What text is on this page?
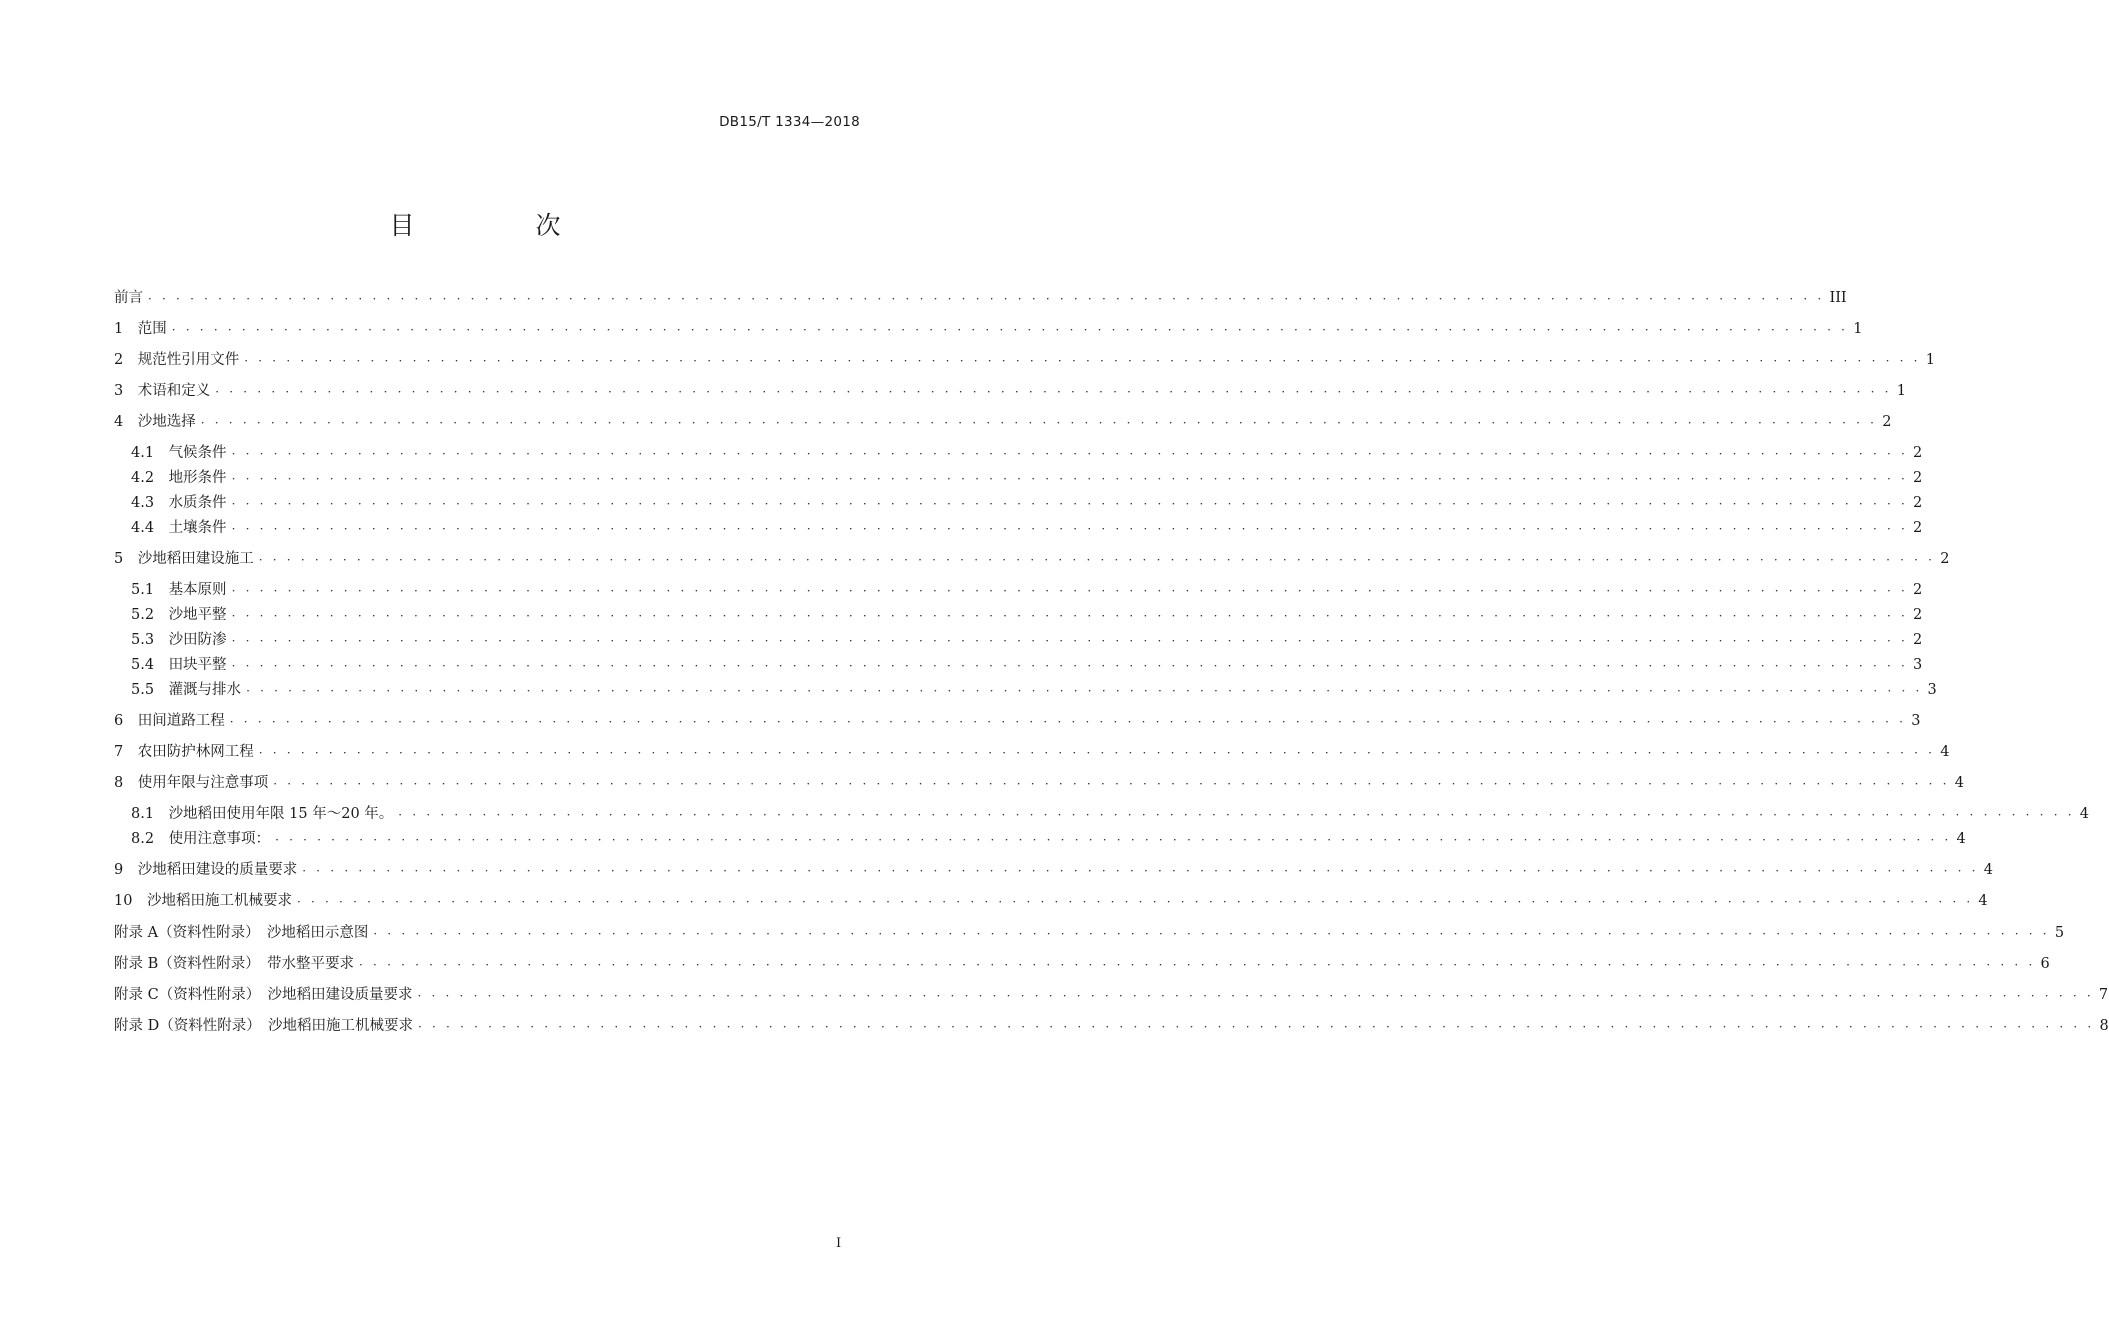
DB15/T 1334—2018
目　次
前言 · · · · · · · · · · · · · · · · · · · · · · · · · · · · · · · · · · · · · · · · · · · · · · · · · · · · · · · · · · · · · · · · · · · · · · · · · · · · · · · · · · · · · · · · · · · · · · · · · · · · · · · · · · · · · · · · · · · · · · · · III
1　 范围 · · · · · · · · · · · · · · · · · · · · · · · · · · · · · · · · · · · · · · · · · · · · · · · · · · · · · · · · · · · · · · · · · · · · · · · · · · · · · · · · · · · · · · · · · · · · · · · · · · · · · · · · · · · · · · · · · · · · · · · · 1
2　 规范性引用文件 · · · · · · · · · · · · · · · · · · · · · · · · · · · · · · · · · · · · · · · · · · · · · · · · · · · · · · · · · · · · · · · · · · · · · · · · · · · · · · · · · · · · · · · · · · · · · · · · · · · · · · · · · · · · · · · · · · · · · · · · 1
3　 术语和定义 · · · · · · · · · · · · · · · · · · · · · · · · · · · · · · · · · · · · · · · · · · · · · · · · · · · · · · · · · · · · · · · · · · · · · · · · · · · · · · · · · · · · · · · · · · · · · · · · · · · · · · · · · · · · · · · · · · · · · · · · 1
4　 沙地选择 · · · · · · · · · · · · · · · · · · · · · · · · · · · · · · · · · · · · · · · · · · · · · · · · · · · · · · · · · · · · · · · · · · · · · · · · · · · · · · · · · · · · · · · · · · · · · · · · · · · · · · · · · · · · · · · · · · · · · · · · 2
4.1　 气候条件 · · · · · · · · · · · · · · · · · · · · · · · · · · · · · · · · · · · · · · · · · · · · · · · · · · · · · · · · · · · · · · · · · · · · · · · · · · · · · · · · · · · · · · · · · · · · · · · · · · · · · · · · · · · · · · · · · · · · · · · · 2
4.2　 地形条件 · · · · · · · · · · · · · · · · · · · · · · · · · · · · · · · · · · · · · · · · · · · · · · · · · · · · · · · · · · · · · · · · · · · · · · · · · · · · · · · · · · · · · · · · · · · · · · · · · · · · · · · · · · · · · · · · · · · · · · · · 2
4.3　 水质条件 · · · · · · · · · · · · · · · · · · · · · · · · · · · · · · · · · · · · · · · · · · · · · · · · · · · · · · · · · · · · · · · · · · · · · · · · · · · · · · · · · · · · · · · · · · · · · · · · · · · · · · · · · · · · · · · · · · · · · · · · 2
4.4　 土壤条件 · · · · · · · · · · · · · · · · · · · · · · · · · · · · · · · · · · · · · · · · · · · · · · · · · · · · · · · · · · · · · · · · · · · · · · · · · · · · · · · · · · · · · · · · · · · · · · · · · · · · · · · · · · · · · · · · · · · · · · · · 2
5　 沙地稻田建设施工 · · · · · · · · · · · · · · · · · · · · · · · · · · · · · · · · · · · · · · · · · · · · · · · · · · · · · · · · · · · · · · · · · · · · · · · · · · · · · · · · · · · · · · · · · · · · · · · · · · · · · · · · · · · · · · · · · · · · · · · · 2
5.1　 基本原则 · · · · · · · · · · · · · · · · · · · · · · · · · · · · · · · · · · · · · · · · · · · · · · · · · · · · · · · · · · · · · · · · · · · · · · · · · · · · · · · · · · · · · · · · · · · · · · · · · · · · · · · · · · · · · · · · · · · · · · · · 2
5.2　 沙地平整 · · · · · · · · · · · · · · · · · · · · · · · · · · · · · · · · · · · · · · · · · · · · · · · · · · · · · · · · · · · · · · · · · · · · · · · · · · · · · · · · · · · · · · · · · · · · · · · · · · · · · · · · · · · · · · · · · · · · · · · · 2
5.3　 沙田防渗 · · · · · · · · · · · · · · · · · · · · · · · · · · · · · · · · · · · · · · · · · · · · · · · · · · · · · · · · · · · · · · · · · · · · · · · · · · · · · · · · · · · · · · · · · · · · · · · · · · · · · · · · · · · · · · · · · · · · · · · · 2
5.4　 田块平整 · · · · · · · · · · · · · · · · · · · · · · · · · · · · · · · · · · · · · · · · · · · · · · · · · · · · · · · · · · · · · · · · · · · · · · · · · · · · · · · · · · · · · · · · · · · · · · · · · · · · · · · · · · · · · · · · · · · · · · · · 3
5.5　 灌溉与排水 · · · · · · · · · · · · · · · · · · · · · · · · · · · · · · · · · · · · · · · · · · · · · · · · · · · · · · · · · · · · · · · · · · · · · · · · · · · · · · · · · · · · · · · · · · · · · · · · · · · · · · · · · · · · · · · · · · · · · · · · 3
6　 田间道路工程 · · · · · · · · · · · · · · · · · · · · · · · · · · · · · · · · · · · · · · · · · · · · · · · · · · · · · · · · · · · · · · · · · · · · · · · · · · · · · · · · · · · · · · · · · · · · · · · · · · · · · · · · · · · · · · · · · · · · · · · · 3
7　 农田防护林网工程 · · · · · · · · · · · · · · · · · · · · · · · · · · · · · · · · · · · · · · · · · · · · · · · · · · · · · · · · · · · · · · · · · · · · · · · · · · · · · · · · · · · · · · · · · · · · · · · · · · · · · · · · · · · · · · · · · · · · · · · · 4
8　 使用年限与注意事项 · · · · · · · · · · · · · · · · · · · · · · · · · · · · · · · · · · · · · · · · · · · · · · · · · · · · · · · · · · · · · · · · · · · · · · · · · · · · · · · · · · · · · · · · · · · · · · · · · · · · · · · · · · · · · · · · · · · · · · · · 4
8.1　 沙地稻田使用年限 15 年～20 年。 · · · · · · · · · · · · · · · · · · · · · · · · · · · · · · · · · · · · · · · · · · · · · · · · · · · · · · · · · · · · · · · · · · · · · · · · · · · · · · · · · · · · · · · · · · · · · · · · · · · · · · · · · · · · · · · · · · · · · · · · 4
8.2　 使用注意事项： · · · · · · · · · · · · · · · · · · · · · · · · · · · · · · · · · · · · · · · · · · · · · · · · · · · · · · · · · · · · · · · · · · · · · · · · · · · · · · · · · · · · · · · · · · · · · · · · · · · · · · · · · · · · · · · · · · · · · · · · 4
9　 沙地稻田建设的质量要求 · · · · · · · · · · · · · · · · · · · · · · · · · · · · · · · · · · · · · · · · · · · · · · · · · · · · · · · · · · · · · · · · · · · · · · · · · · · · · · · · · · · · · · · · · · · · · · · · · · · · · · · · · · · · · · · · · · · · · · · · 4
10　 沙地稻田施工机械要求 · · · · · · · · · · · · · · · · · · · · · · · · · · · · · · · · · · · · · · · · · · · · · · · · · · · · · · · · · · · · · · · · · · · · · · · · · · · · · · · · · · · · · · · · · · · · · · · · · · · · · · · · · · · · · · · · · · · · · · · · 4
附录 A（资料性附录）　沙地稻田示意图 · · · · · · · · · · · · · · · · · · · · · · · · · · · · · · · · · · · · · · · · · · · · · · · · · · · · · · · · · · · · · · · · · · · · · · · · · · · · · · · · · · · · · · · · · · · · · · · · · · · · · · · · · · · · · · · · · · · · · · · · 5
附录 B（资料性附录）　带水整平要求 · · · · · · · · · · · · · · · · · · · · · · · · · · · · · · · · · · · · · · · · · · · · · · · · · · · · · · · · · · · · · · · · · · · · · · · · · · · · · · · · · · · · · · · · · · · · · · · · · · · · · · · · · · · · · · · · · · · · · · · · 6
附录 C（资料性附录）　沙地稻田建设质量要求 · · · · · · · · · · · · · · · · · · · · · · · · · · · · · · · · · · · · · · · · · · · · · · · · · · · · · · · · · · · · · · · · · · · · · · · · · · · · · · · · · · · · · · · · · · · · · · · · · · · · · · · · · · · · · · · · · · · · · · · · 7
附录 D（资料性附录）　沙地稻田施工机械要求 · · · · · · · · · · · · · · · · · · · · · · · · · · · · · · · · · · · · · · · · · · · · · · · · · · · · · · · · · · · · · · · · · · · · · · · · · · · · · · · · · · · · · · · · · · · · · · · · · · · · · · · · · · · · · · · · · · · · · · · · 8
I
